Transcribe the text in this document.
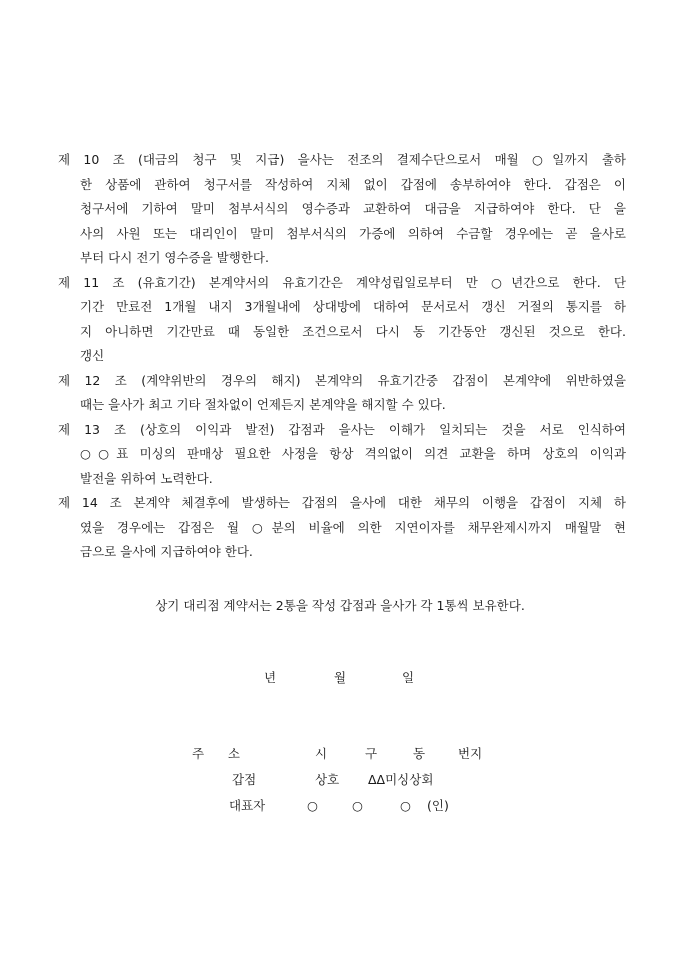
제 10 조 (대금의 청구 및 지급) 을사는 전조의 결제수단으로서 매월 ○일까지 출하
한 상품에 관하여 청구서를 작성하여 지체 없이 갑점에 송부하여야 한다. 갑점은 이
청구서에 기하여 말미 첨부서식의 영수증과 교환하여 대금을 지급하여야 한다. 단 을
사의 사원 또는 대리인이 말미 첨부서식의 가증에 의하여 수금할 경우에는 곧 을사로
부터 다시 전기 영수증을 발행한다.
제 11 조 (유효기간) 본계약서의 유효기간은 계약성립일로부터 만 ○년간으로 한다. 단
기간 만료전 1개월 내지 3개월내에 상대방에 대하여 문서로서 갱신 거절의 통지를 하
지 아니하면 기간만료 때 동일한 조건으로서 다시 동 기간동안 갱신된 것으로 한다.
갱신
제 12 조 (계약위반의 경우의 해지) 본계약의 유효기간중 갑점이 본계약에 위반하였을
때는 을사가 최고 기타 절차없이 언제든지 본계약을 해지할 수 있다.
제 13 조 (상호의 이익과 발전) 갑점과 을사는 이해가 일치되는 것을 서로 인식하여
○○표 미싱의 판매상 필요한 사정을 항상 격의없이 의견 교환을 하며 상호의 이익과
발전을 위하여 노력한다.
제 14 조 본계약 체결후에 발생하는 갑점의 을사에 대한 채무의 이행을 갑점이 지체 하
였을 경우에는 갑점은 월 ○분의 비율에 의한 지연이자를 채무완제시까지 매월말 현
금으로 을사에 지급하여야 한다.
상기 대리점 계약서는 2통을 작성 갑점과 을사가 각 1통씩 보유한다.
년	월	일
주      소	시	구	동	번지
갑점	상호 ΔΔ미싱상회
대표자	○	○	○ (인)
